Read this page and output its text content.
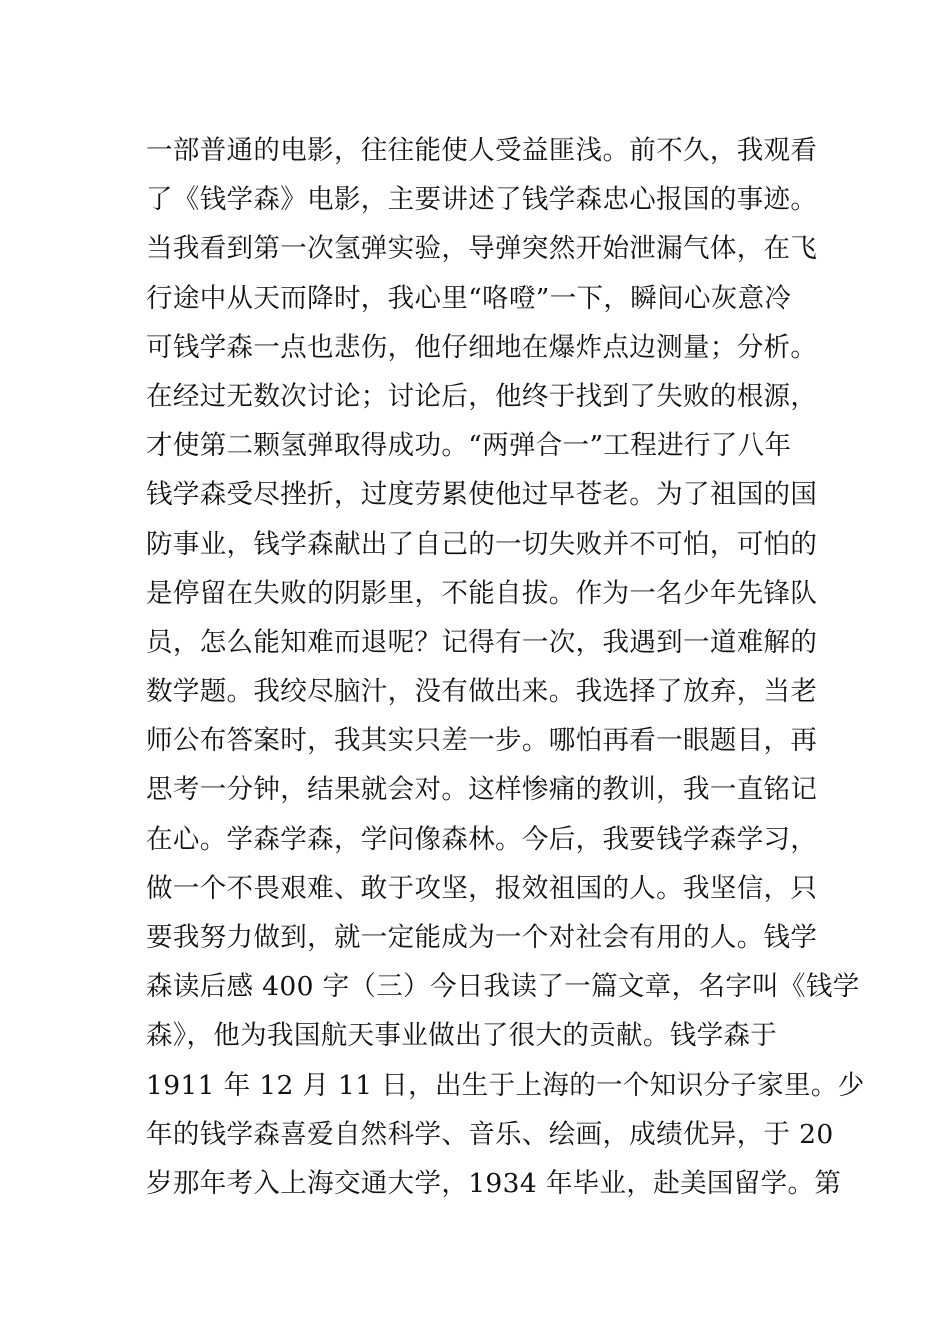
一部普通的电影，往往能使人受益匪浅。前不久，我观看
了《钱学森》电影，主要讲述了钱学森忠心报国的事迹。
当我看到第一次氢弹实验，导弹突然开始泄漏气体，在飞
行途中从天而降时，我心里“咯噔”一下，瞬间心灰意冷
可钱学森一点也悲伤，他仔细地在爆炸点边测量；分析。
在经过无数次讨论；讨论后，他终于找到了失败的根源，
才使第二颗氢弹取得成功。“两弹合一”工程进行了八年
钱学森受尽挫折，过度劳累使他过早苍老。为了祖国的国
防事业，钱学森献出了自己的一切失败并不可怕，可怕的
是停留在失败的阴影里，不能自拔。作为一名少年先锋队
员，怎么能知难而退呢？记得有一次，我遇到一道难解的
数学题。我绞尽脑汁，没有做出来。我选择了放弃，当老
师公布答案时，我其实只差一步。哪怕再看一眼题目，再
思考一分钟，结果就会对。这样惨痛的教训，我一直铭记
在心。学森学森，学问像森林。今后，我要钱学森学习，
做一个不畏艰难、敢于攻坚，报效祖国的人。我坚信，只
要我努力做到，就一定能成为一个对社会有用的人。钱学
森读后感 400 字（三）今日我读了一篇文章，名字叫《钱学
森》，他为我国航天事业做出了很大的贡献。钱学森于
1911 年 12 月 11 日，出生于上海的一个知识分子家里。少
年的钱学森喜爱自然科学、音乐、绘画，成绩优异，于 20
岁那年考入上海交通大学，1934 年毕业，赴美国留学。第
